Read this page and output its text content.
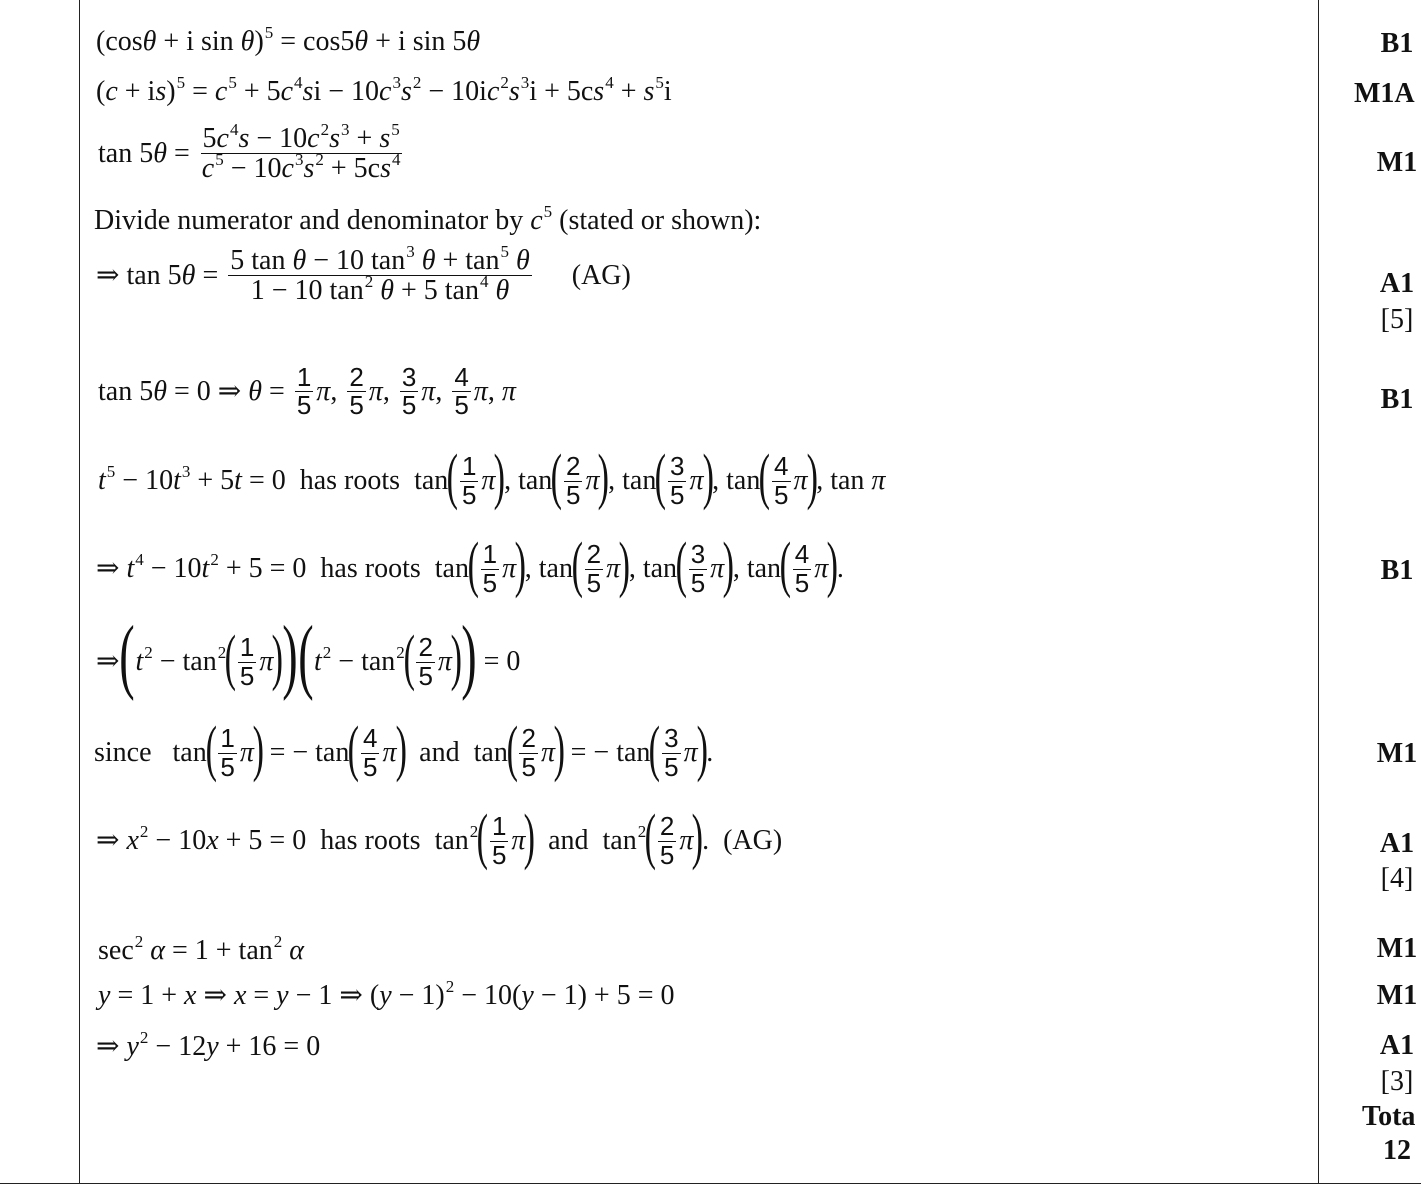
(cosθ + i sin θ)$^5$ = cos5θ + i sin 5θ
$(c + is)^5 = c^5 + 5c^4si - 10c^3s^2 - 10ic^2s^3i + 5cs^4 + s^5i$
$\tan 5\theta = \frac{5c^4s - 10c^2s^3 + s^5}{c^5 - 10c^3s^2 + 5cs^4}$
Divide numerator and denominator by $c^5$ (stated or shown):
⇒ $\tan 5\theta = \frac{5 \tan \theta - 10 \tan^3 \theta + \tan^5 \theta}{1 - 10 \tan^2 \theta + 5 \tan^4 \theta} (AG)$
tan 5θ = 0 ⇒ $\theta = \frac{1}{5} \pi$, $\frac{2}{5} \pi$, $\frac{3}{5} \pi$, $\frac{4}{5} \pi$, π
$t^5 - 10t^3 + 5t = 0$  has roots  $\tan( \frac{1}{5} \pi)$, $\tan( \frac{2}{5} \pi)$, $\tan( \frac{3}{5} \pi)$, $\tan( \frac{4}{5} \pi)$, tan π
⇒ $t^4 - 10t^2 + 5 = 0$  has roots  $\tan( \frac{1}{5} \pi)$, $\tan( \frac{2}{5} \pi)$, $\tan( \frac{3}{5} \pi)$, $\tan( \frac{4}{5} \pi)$.
$\Rightarrow(t^2 - \tan^2( \frac{1}{5} \pi))(t^2 - \tan^2( \frac{2}{5} \pi)) = 0$
since   $\tan( \frac{1}{5} \pi)$ = − $\tan( \frac{4}{5} \pi)$ and  $\tan( \frac{2}{5} \pi)$ = − $\tan( \frac{3}{5} \pi)$.
⇒ $x^2 - 10x + 5 = 0$  has roots  $\tan^2( \frac{1}{5} \pi)$ and  $\tan^2( \frac{2}{5} \pi)$.  (AG)
$\sec^2 \alpha = 1 + \tan^2 \alpha$
y = 1 + x ⇒ x = y − 1 ⇒ $(y - 1)^2 - 10(y - 1) + 5 = 0$
⇒ $y^2 - 12y + 16 = 0$
B1
M1A
M1
A1
[5]
B1
B1
M1
A1
[4]
M1
M1
A1
[3]
Tota
12
